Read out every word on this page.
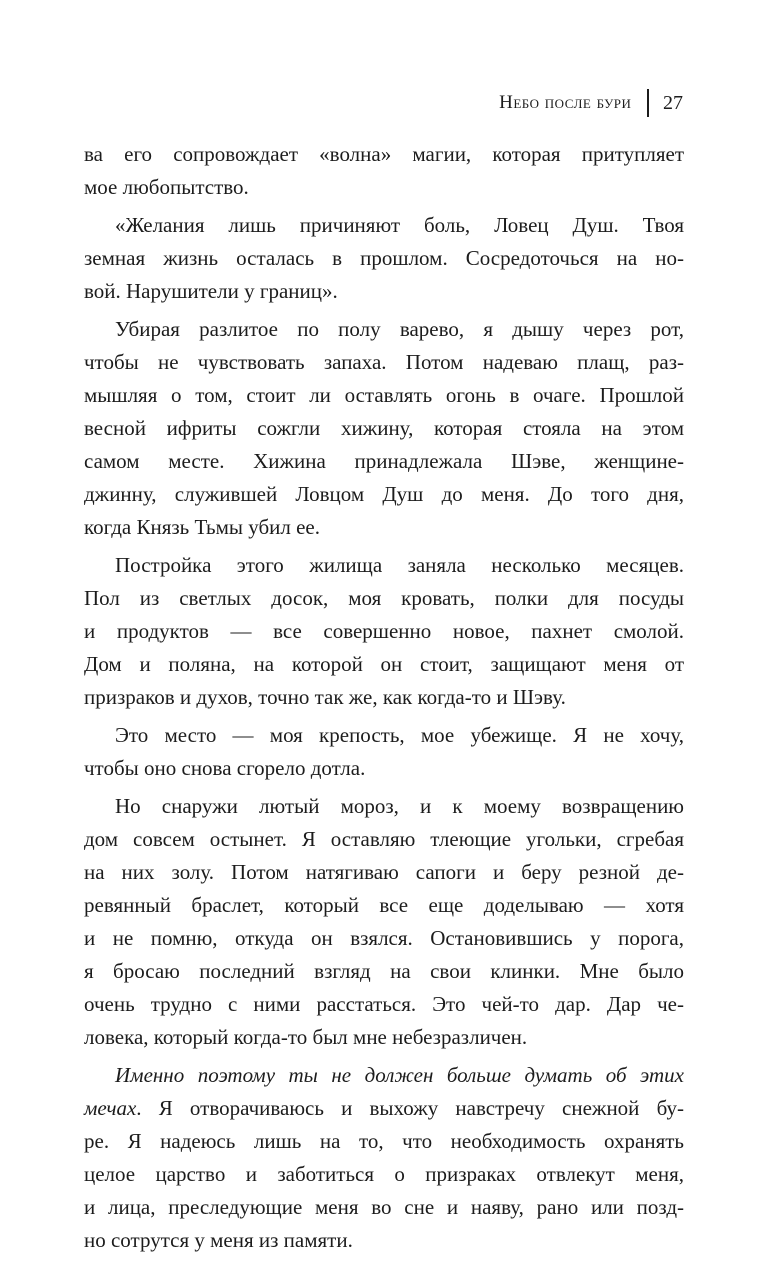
Небо после бури 27

ва его сопровождает «волна» магии, которая притупляет
мое любопытство.

«Желания лишь причиняют боль, Ловец Душ. Твоя
земная жизнь осталась в прошлом. Сосредоточься на но-
вой. Нарушители у границ».

Убирая разлитое по полу варево, я дышу через рот,
чтобы не чувствовать запаха. Потом надеваю плащ, раз-
мышляя о том, стоит ли оставлять огонь в очаге. Прошлой
весной ифриты сожгли хижину, которая стояла на этом
самом месте. Хижина принадлежала Шэве, женщине-
джинну, служившей Ловцом Душ до меня. До того дня,
когда Князь Тьмы убил ее.

Постройка этого жилища заняла несколько месяцев.
Пол из светлых досок, моя кровать, полки для посуды
и продуктов — все совершенно новое, пахнет смолой.
Дом и поляна, на которой он стоит, защищают меня от
призраков и духов, точно так же, как когда-то и Шэву.

Это место — моя крепость, мое убежище. Я не хочу,
чтобы оно снова сгорело дотла.

Но снаружи лютый мороз, и к моему возвращению
дом совсем остынет. Я оставляю тлеющие угольки, сгребая
на них золу. Потом натягиваю сапоги и беру резной де-
ревянный браслет, который все еще доделываю — хотя
и не помню, откуда он взялся. Остановившись у порога,
я бросаю последний взгляд на свои клинки. Мне было
очень трудно с ними расстаться. Это чей-то дар. Дар че-
ловека, который когда-то был мне небезразличен.

Именно поэтому ты не должен больше думать об этих
мечах. Я отворачиваюсь и выхожу навстречу снежной бу-
ре. Я надеюсь лишь на то, что необходимость охранять
целое царство и заботиться о призраках отвлекут меня,
и лица, преследующие меня во сне и наяву, рано или позд-
но сотрутся у меня из памяти.
